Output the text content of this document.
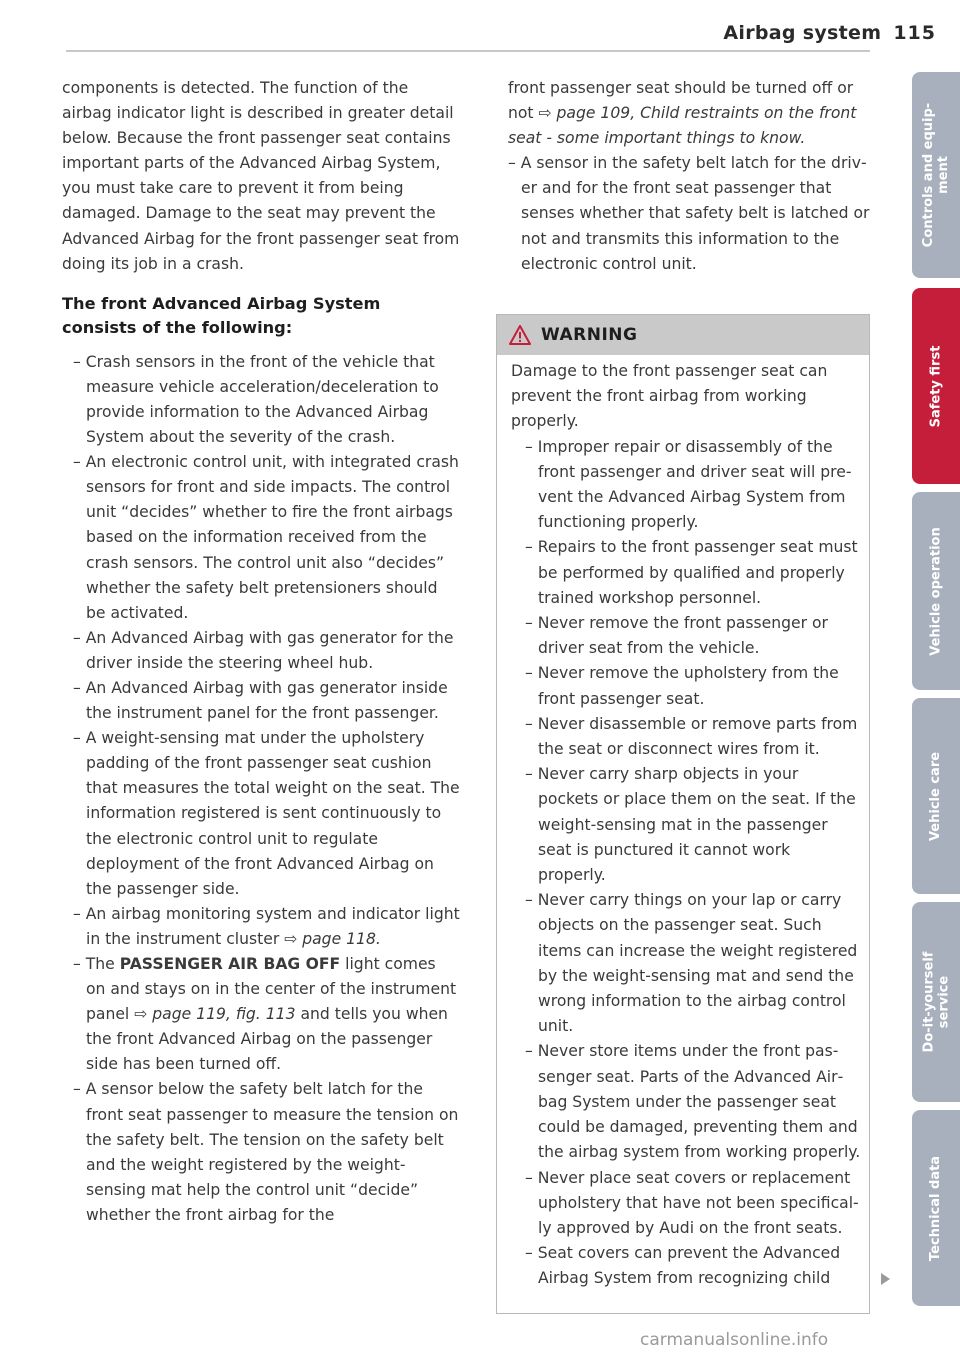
Airbag system 115

components is detected. The function of the airbag indicator light is described in greater detail below. Because the front passenger seat contains important parts of the Advanced Airbag System, you must take care to prevent it from being damaged. Damage to the seat may prevent the Advanced Airbag for the front passenger seat from doing its job in a crash.

The front Advanced Airbag System consists of the following:

– Crash sensors in the front of the vehicle that measure vehicle acceleration/deceleration to provide information to the Advanced Airbag System about the severity of the crash.

– An electronic control unit, with integrated crash sensors for front and side impacts. The control unit “decides” whether to fire the front airbags based on the information received from the crash sensors. The control unit also “decides” whether the safety belt pretensioners should be activated.

– An Advanced Airbag with gas generator for the driver inside the steering wheel hub.

– An Advanced Airbag with gas generator inside the instrument panel for the front passenger.

– A weight-sensing mat under the upholstery padding of the front passenger seat cushion that measures the total weight on the seat. The information registered is sent continuously to the electronic control unit to regulate deployment of the front Advanced Airbag on the passenger side.

– An airbag monitoring system and indicator light in the instrument cluster ⇨ page 118.

– The PASSENGER AIR BAG OFF light comes on and stays on in the center of the instrument panel ⇨ page 119, fig. 113 and tells you when the front Advanced Airbag on the passenger side has been turned off.

– A sensor below the safety belt latch for the front seat passenger to measure the tension on the safety belt. The tension on the safety belt and the weight registered by the weight-sensing mat help the control unit “decide” whether the front airbag for the

front passenger seat should be turned off or not ⇨ page 109, Child restraints on the front seat - some important things to know.

– A sensor in the safety belt latch for the driver and for the front seat passenger that senses whether that safety belt is latched or not and transmits this information to the electronic control unit.

WARNING

Damage to the front passenger seat can prevent the front airbag from working properly.

– Improper repair or disassembly of the front passenger and driver seat will prevent the Advanced Airbag System from functioning properly.

– Repairs to the front passenger seat must be performed by qualified and properly trained workshop personnel.

– Never remove the front passenger or driver seat from the vehicle.

– Never remove the upholstery from the front passenger seat.

– Never disassemble or remove parts from the seat or disconnect wires from it.

– Never carry sharp objects in your pockets or place them on the seat. If the weight-sensing mat in the passenger seat is punctured it cannot work properly.

– Never carry things on your lap or carry objects on the passenger seat. Such items can increase the weight registered by the weight-sensing mat and send the wrong information to the airbag control unit.

– Never store items under the front passenger seat. Parts of the Advanced Airbag System under the passenger seat could be damaged, preventing them and the airbag system from working properly.

– Never place seat covers or replacement upholstery that have not been specifically approved by Audi on the front seats.

– Seat covers can prevent the Advanced Airbag System from recognizing child

Controls and equip-
ment
Safety first
Vehicle operation
Vehicle care
Do-it-yourself
service
Technical data
carmanualsonline.info
